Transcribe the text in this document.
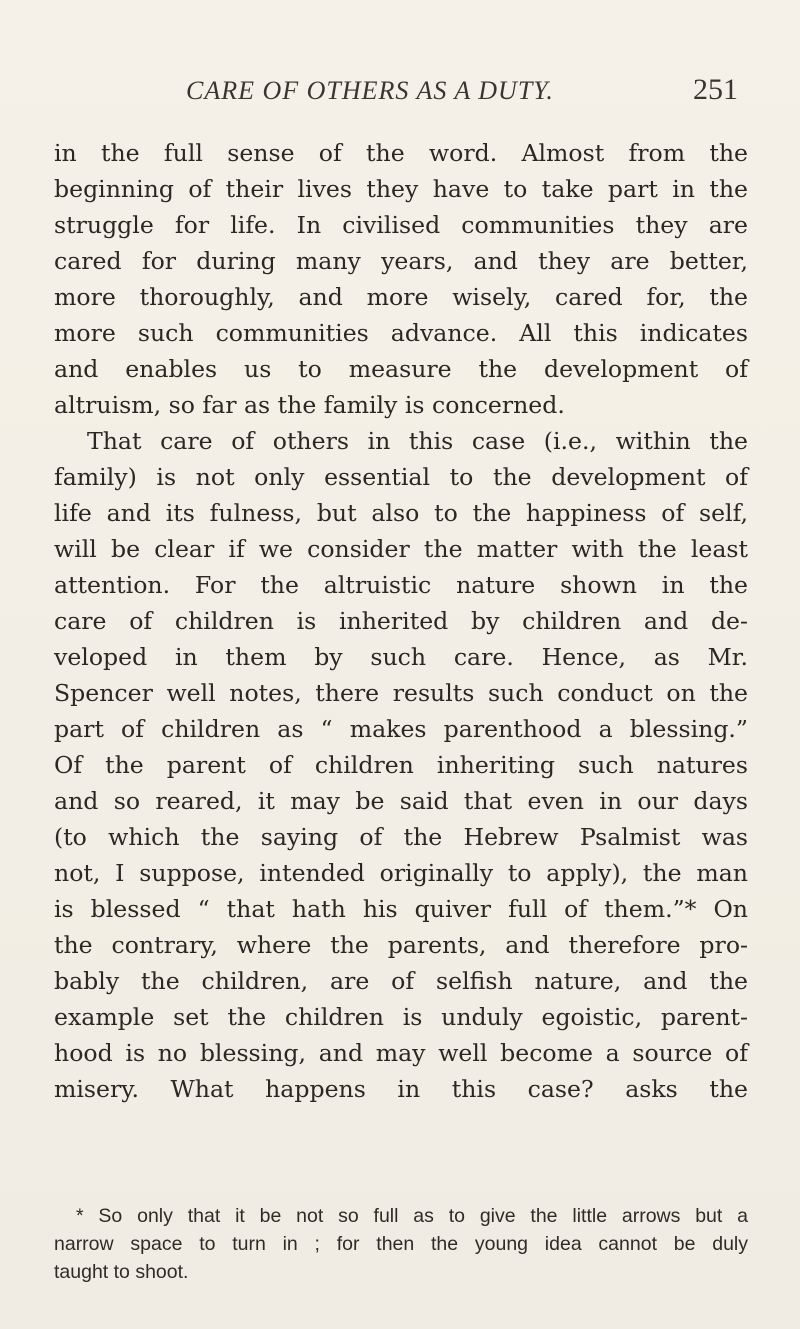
CARE OF OTHERS AS A DUTY.	251
in the full sense of the word. Almost from the
beginning of their lives they have to take part in the
struggle for life. In civilised communities they are
cared for during many years, and they are better,
more thoroughly, and more wisely, cared for, the
more such communities advance. All this indicates
and enables us to measure the development of
altruism, so far as the family is concerned.
That care of others in this case (i.e., within the
family) is not only essential to the development of
life and its fulness, but also to the happiness of self,
will be clear if we consider the matter with the least
attention. For the altruistic nature shown in the
care of children is inherited by children and de-
veloped in them by such care. Hence, as Mr.
Spencer well notes, there results such conduct on the
part of children as “ makes parenthood a blessing.”
Of the parent of children inheriting such natures
and so reared, it may be said that even in our days
(to which the saying of the Hebrew Psalmist was
not, I suppose, intended originally to apply), the man
is blessed “ that hath his quiver full of them.”* On
the contrary, where the parents, and therefore pro-
bably the children, are of selfish nature, and the
example set the children is unduly egoistic, parent-
hood is no blessing, and may well become a source of
misery. What happens in this case? asks the
* So only that it be not so full as to give the little arrows but a
narrow space to turn in ; for then the young idea cannot be duly
taught to shoot.
